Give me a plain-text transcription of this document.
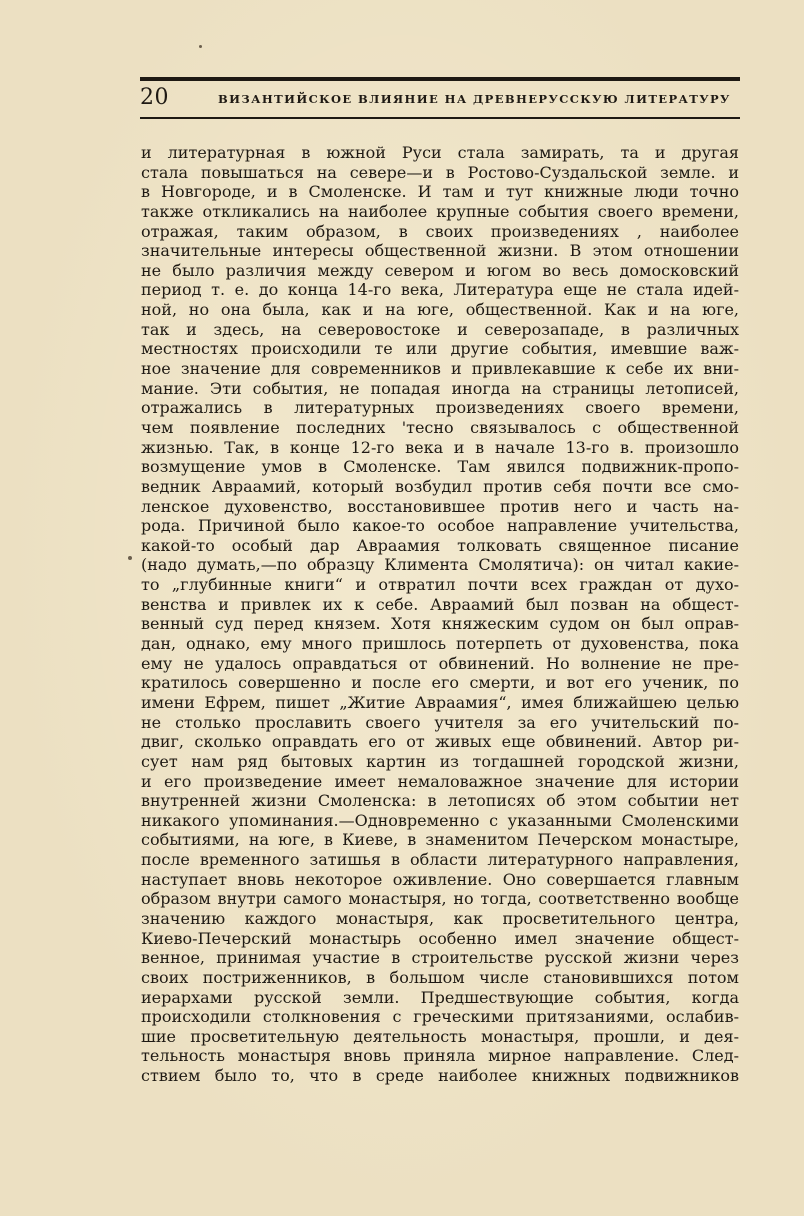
20	ВИЗАНТИЙСКОЕ ВЛИЯНИЕ НА ДРЕВНЕРУССКУЮ ЛИТЕРАТУРУ
и литературная в южной Руси стала замирать, та и другая
стала повышаться на севере—и в Ростово-Суздальской земле. и
в Новгороде, и в Смоленске. И там и тут книжные люди точно
также откликались на наиболее крупные события своего времени,
отражая, таким образом, в своих произведениях , наиболее
значительные интересы общественной жизни. В этом отношении
не было различия между севером и югом во весь домосковский
период т. е. до конца 14-го века, Литература еще не стала идей-
ной, но она была, как и на юге, общественной. Как и на юге,
так и здесь, на северовостоке и северозападе, в различных
местностях происходили те или другие события, имевшие важ-
ное значение для современников и привлекавшие к себе их вни-
мание. Эти события, не попадая иногда на страницы летописей,
отражались в литературных произведениях своего времени,
чем появление последних 'тесно связывалось с общественной
жизнью. Так, в конце 12-го века и в начале 13-го в. произошло
возмущение умов в Смоленске. Там явился подвижник-пропо-
ведник Авраамий, который возбудил против себя почти все смо-
ленское духовенство, восстановившее против него и часть на-
рода. Причиной было какое-то особое направление учительства,
какой-то особый дар Авраамия толковать священное писание
(надо думать,—по образцу Климента Смолятича): он читал какие-
то „глубинные книги“ и отвратил почти всех граждан от духо-
венства и привлек их к себе. Авраамий был позван на общест-
венный суд перед князем. Хотя княжеским судом он был оправ-
дан, однако, ему много пришлось потерпеть от духовенства, пока
ему не удалось оправдаться от обвинений. Но волнение не пре-
кратилось совершенно и после его смерти, и вот его ученик, по
имени Ефрем, пишет „Житие Авраамия“, имея ближайшею целью
не столько прославить своего учителя за его учительский по-
двиг, сколько оправдать его от живых еще обвинений. Автор ри-
сует нам ряд бытовых картин из тогдашней городской жизни,
и его произведение имеет немаловажное значение для истории
внутренней жизни Смоленска: в летописях об этом событии нет
никакого упоминания.—Одновременно с указанными Смоленскими
событиями, на юге, в Киеве, в знаменитом Печерском монастыре,
после временного затишья в области литературного направления,
наступает вновь некоторое оживление. Оно совершается главным
образом внутри самого монастыря, но тогда, соответственно вообще
значению каждого монастыря, как просветительного центра,
Киево-Печерский монастырь особенно имел значение общест-
венное, принимая участие в строительстве русской жизни через
своих постриженников, в большом числе становившихся потом
иерархами русской земли. Предшествующие события, когда
происходили столкновения с греческими притязаниями, ослабив-
шие просветительную деятельность монастыря, прошли, и дея-
тельность монастыря вновь приняла мирное направление. След-
ствием было то, что в среде наиболее книжных подвижников
